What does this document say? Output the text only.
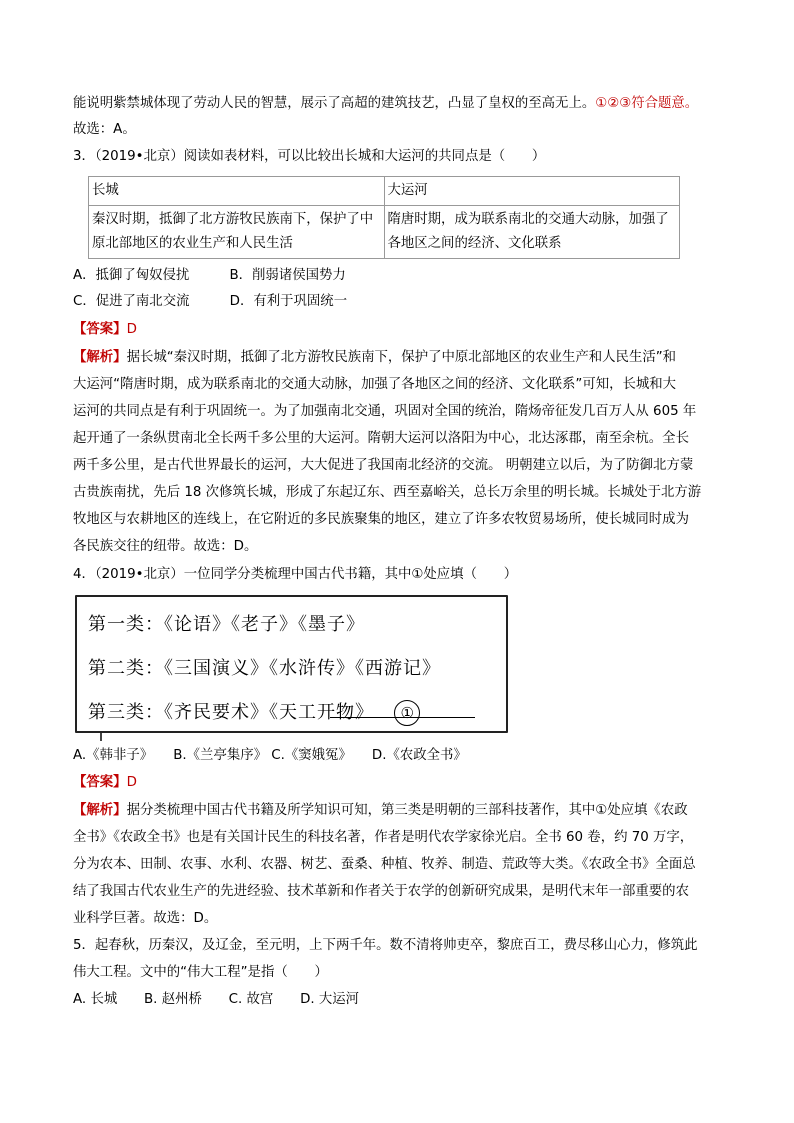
能说明紫禁城体现了劳动人民的智慧，展示了高超的建筑技艺，凸显了皇权的至高无上。①②③符合题意。
故选：A。
3．（2019•北京）阅读如表材料，可以比较出长城和大运河的共同点是（　　）
长城	大运河
秦汉时期，抵御了北方游牧民族南下，保护了中原北部地区的农业生产和人民生活	隋唐时期，成为联系南北的交通大动脉，加强了各地区之间的经济、文化联系
A．抵御了匈奴侵扰　　　B．削弱诸侯国势力
C．促进了南北交流　　　D．有利于巩固统一
【答案】D
【解析】据长城“秦汉时期，抵御了北方游牧民族南下，保护了中原北部地区的农业生产和人民生活”和
大运河“隋唐时期，成为联系南北的交通大动脉，加强了各地区之间的经济、文化联系”可知，长城和大
运河的共同点是有利于巩固统一。为了加强南北交通，巩固对全国的统治，隋炀帝征发几百万人从 605 年
起开通了一条纵贯南北全长两千多公里的大运河。隋朝大运河以洛阳为中心，北达涿郡，南至余杭。全长
两千多公里，是古代世界最长的运河，大大促进了我国南北经济的交流。 明朝建立以后，为了防御北方蒙
古贵族南扰，先后 18 次修筑长城，形成了东起辽东、西至嘉峪关，总长万余里的明长城。长城处于北方游
牧地区与农耕地区的连线上，在它附近的多民族聚集的地区，建立了许多农牧贸易场所，使长城同时成为
各民族交往的纽带。故选：D。
4．（2019•北京）一位同学分类梳理中国古代书籍，其中①处应填（　　）
第一类：《论语》《老子》《墨子》
第二类：《三国演义》《水浒传》《西游记》
第三类：《齐民要术》《天工开物》 ①
A.《韩非子》　　B.《兰亭集序》 C.《窦娥冤》　　D.《农政全书》
【答案】D
【解析】据分类梳理中国古代书籍及所学知识可知，第三类是明朝的三部科技著作，其中①处应填《农政
全书》《农政全书》也是有关国计民生的科技名著，作者是明代农学家徐光启。全书 60 卷，约 70 万字，
分为农本、田制、农事、水利、农器、树艺、蚕桑、种植、牧养、制造、荒政等大类。《农政全书》全面总
结了我国古代农业生产的先进经验、技术革新和作者关于农学的创新研究成果，是明代末年一部重要的农
业科学巨著。故选：D。
5．起春秋，历秦汉，及辽金，至元明，上下两千年。数不清将帅吏卒，黎庶百工，费尽移山心力，修筑此
伟大工程。文中的“伟大工程”是指（　　）
A. 长城　　B. 赵州桥　　C. 故宫　　D. 大运河
